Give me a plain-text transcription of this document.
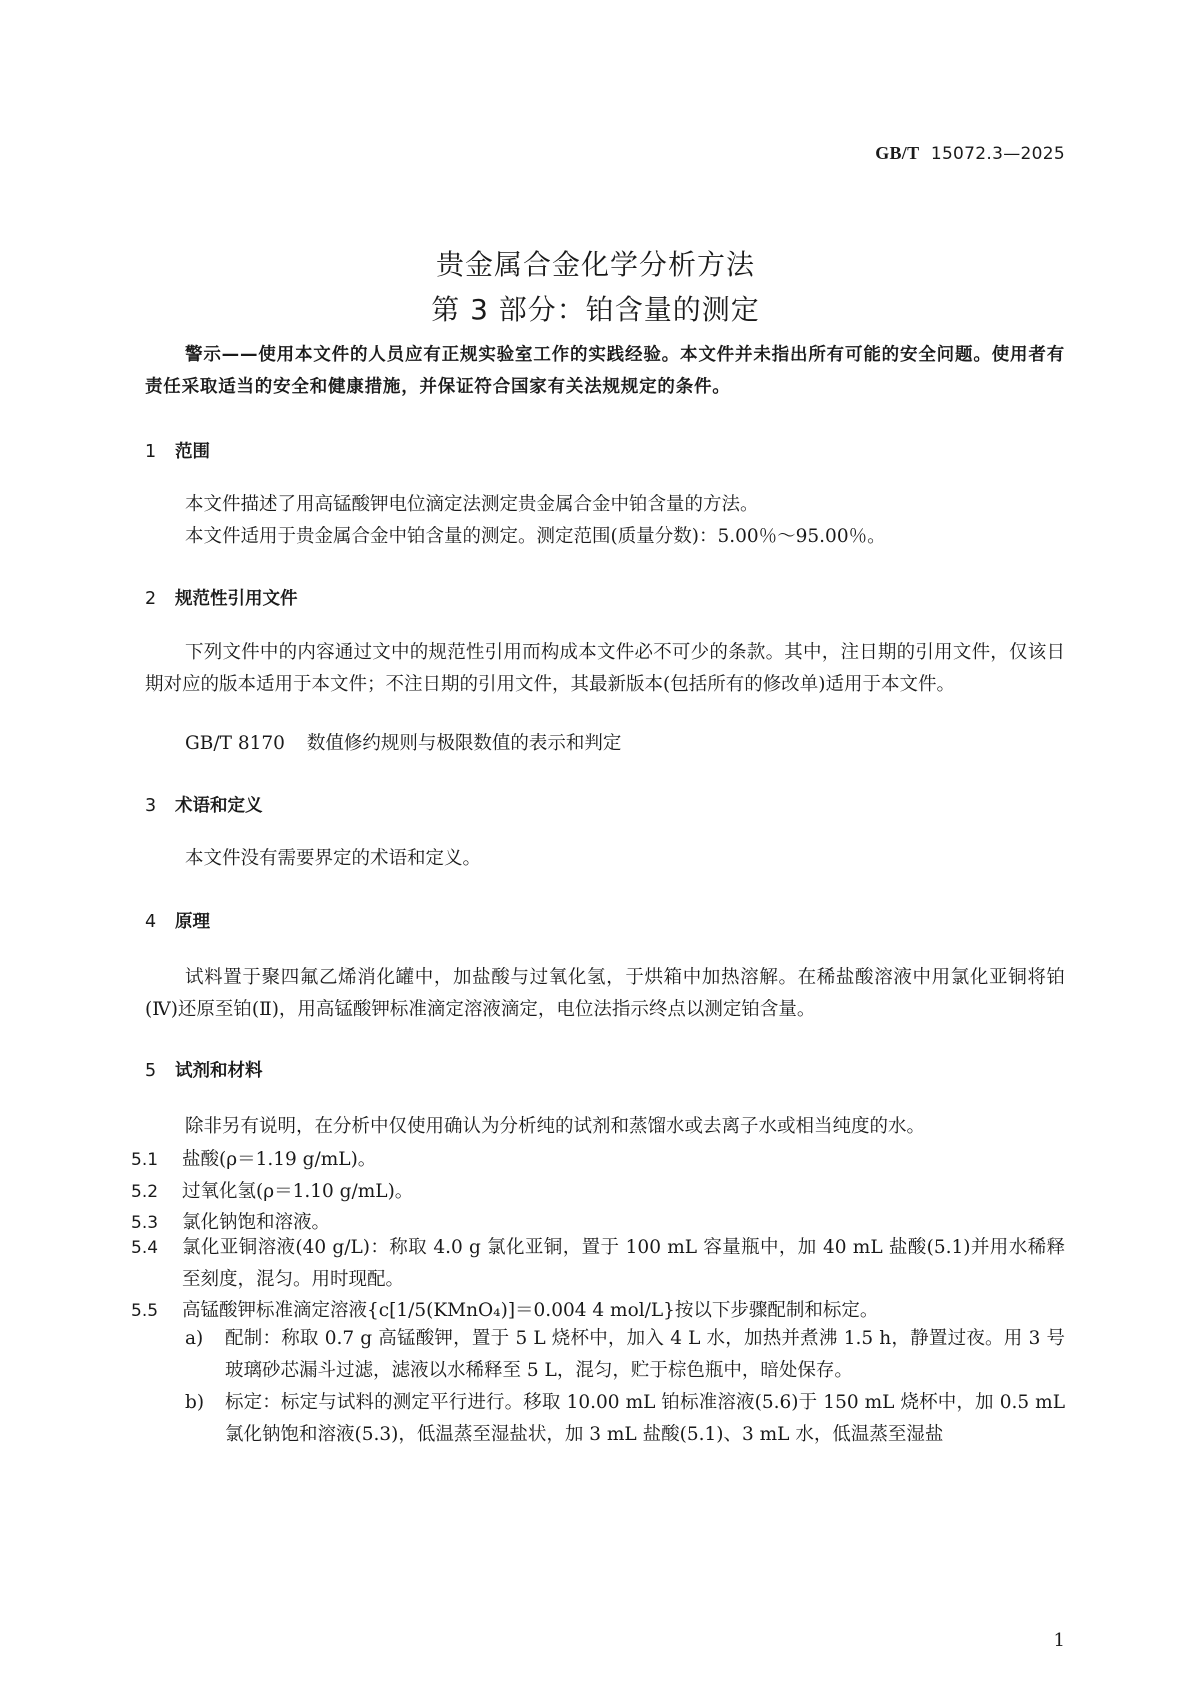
GB/T 15072.3—2025
贵金属合金化学分析方法
第 3 部分：铂含量的测定
警示——使用本文件的人员应有正规实验室工作的实践经验。本文件并未指出所有可能的安全问题。使用者有责任采取适当的安全和健康措施，并保证符合国家有关法规规定的条件。
1 范围
本文件描述了用高锰酸钾电位滴定法测定贵金属合金中铂含量的方法。
本文件适用于贵金属合金中铂含量的测定。测定范围(质量分数)：5.00％～95.00％。
2 规范性引用文件
下列文件中的内容通过文中的规范性引用而构成本文件必不可少的条款。其中，注日期的引用文件，仅该日期对应的版本适用于本文件；不注日期的引用文件，其最新版本(包括所有的修改单)适用于本文件。
GB/T 8170 数值修约规则与极限数值的表示和判定
3 术语和定义
本文件没有需要界定的术语和定义。
4 原理
试料置于聚四氟乙烯消化罐中，加盐酸与过氧化氢，于烘箱中加热溶解。在稀盐酸溶液中用氯化亚铜将铂(Ⅳ)还原至铂(Ⅱ)，用高锰酸钾标准滴定溶液滴定，电位法指示终点以测定铂含量。
5 试剂和材料
除非另有说明，在分析中仅使用确认为分析纯的试剂和蒸馏水或去离子水或相当纯度的水。
5.1 盐酸(ρ＝1.19 g/mL)。
5.2 过氧化氢(ρ＝1.10 g/mL)。
5.3 氯化钠饱和溶液。
5.4	氯化亚铜溶液(40 g/L)：称取 4.0 g 氯化亚铜，置于 100 mL 容量瓶中，加 40 mL 盐酸(5.1)并用水稀释至刻度，混匀。用时现配。
5.5 高锰酸钾标准滴定溶液{c[1/5(KMnO₄)]＝0.004 4 mol/L}按以下步骤配制和标定。
a)	配制：称取 0.7 g 高锰酸钾，置于 5 L 烧杯中，加入 4 L 水，加热并煮沸 1.5 h，静置过夜。用 3 号玻璃砂芯漏斗过滤，滤液以水稀释至 5 L，混匀，贮于棕色瓶中，暗处保存。
b)	标定：标定与试料的测定平行进行。移取 10.00 mL 铂标准溶液(5.6)于 150 mL 烧杯中，加 0.5 mL 氯化钠饱和溶液(5.3)，低温蒸至湿盐状，加 3 mL 盐酸(5.1)、3 mL 水，低温蒸至湿盐
1
